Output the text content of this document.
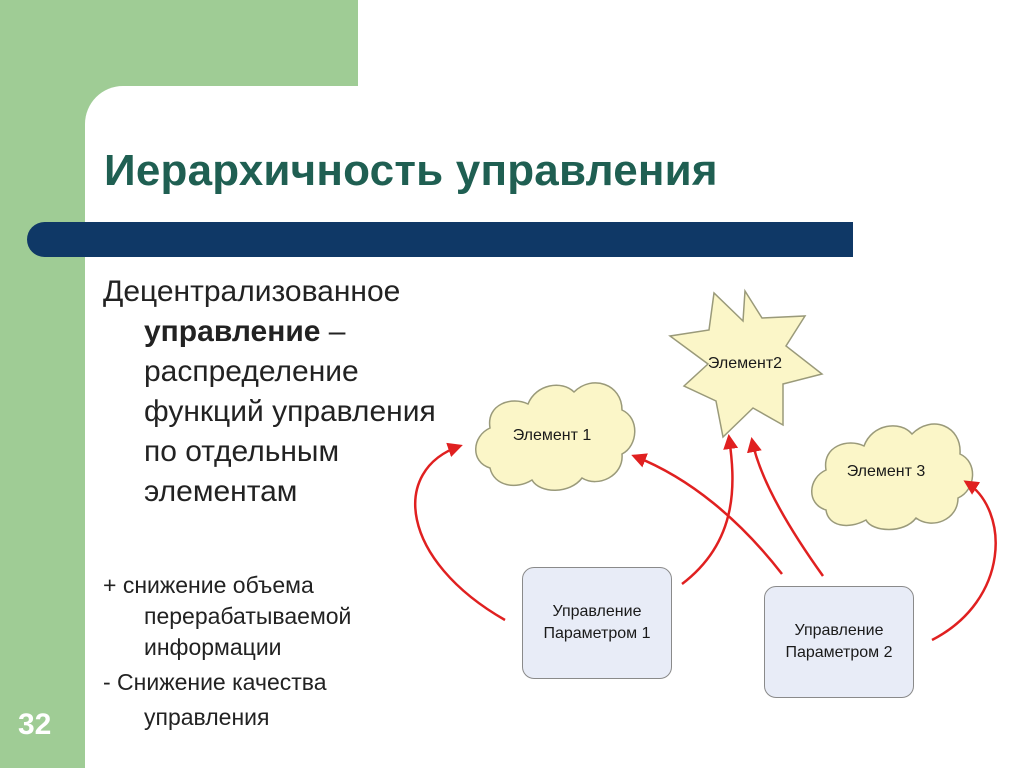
Иерархичность управления

Децентрализованное

управление –
распределение
функций управления
по отдельным
элементам

+ снижение объема

перерабатываемой
информации
- Снижение качества
управления

32
Элемент 1
Элемент2
Элемент 3
Управление
Параметром 1	Управление
Параметром 2
